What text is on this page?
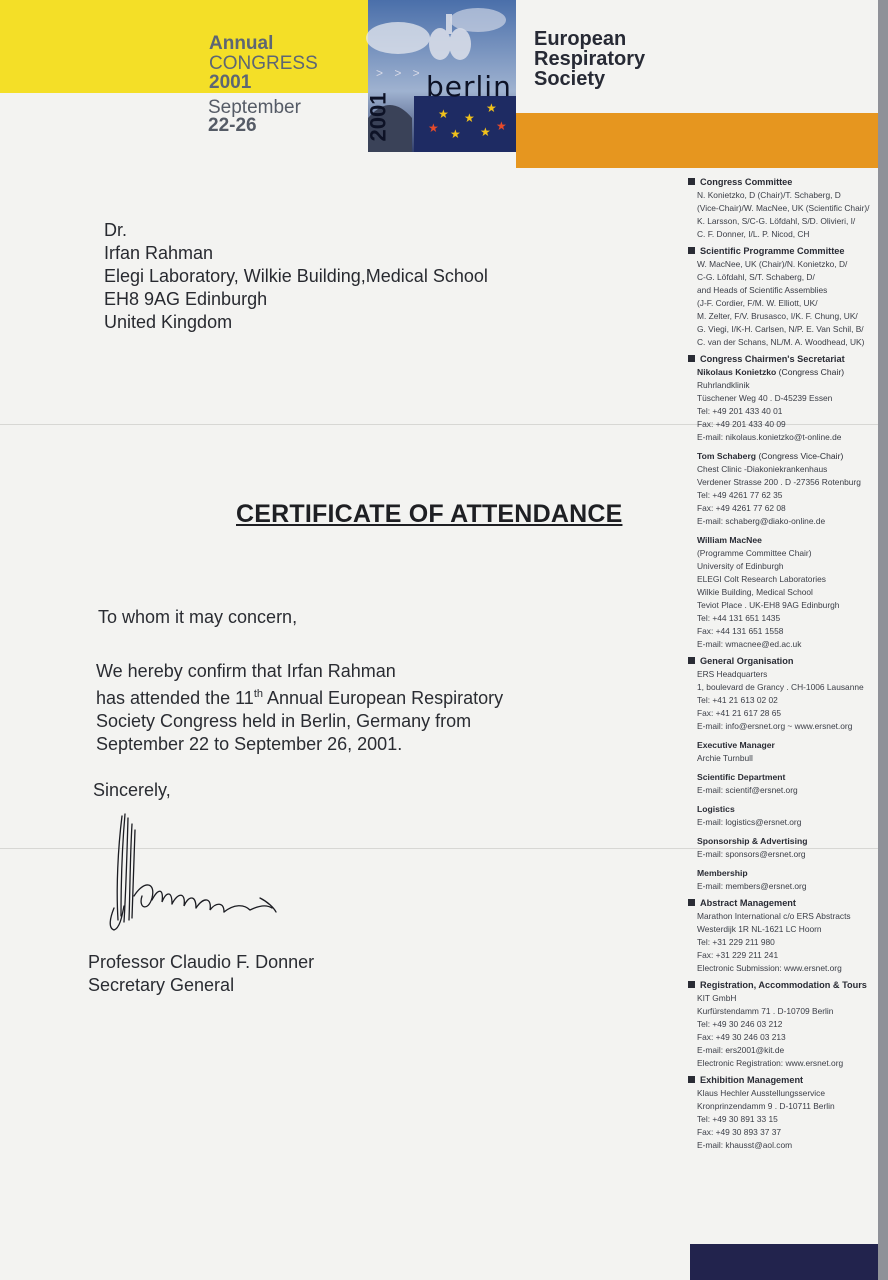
Annual
CONGRESS
2001
September
22-26
★ ★
★
★ ★
★	★
> > > berlin
2001
European
Respiratory
Society
Dr.
Irfan Rahman
Elegi Laboratory, Wilkie Building,Medical School
EH8 9AG Edinburgh
United Kingdom
CERTIFICATE OF ATTENDANCE
To whom it may concern,
We hereby confirm that Irfan Rahman
has attended the 11th Annual European Respiratory
Society Congress held in Berlin, Germany from
September 22 to September 26, 2001.
Sincerely,
Professor Claudio F. Donner
Secretary General
Congress Committee
N. Konietzko, D (Chair)/T. Schaberg, D
(Vice-Chair)/W. MacNee, UK (Scientific Chair)/
K. Larsson, S/C-G. Löfdahl, S/D. Olivieri, I/
C. F. Donner, I/L. P. Nicod, CH
Scientific Programme Committee
W. MacNee, UK (Chair)/N. Konietzko, D/
C-G. Löfdahl, S/T. Schaberg, D/
and Heads of Scientific Assemblies
(J-F. Cordier, F/M. W. Elliott, UK/
M. Zelter, F/V. Brusasco, I/K. F. Chung, UK/
G. Viegi, I/K-H. Carlsen, N/P. E. Van Schil, B/
C. van der Schans, NL/M. A. Woodhead, UK)
Congress Chairmen's Secretariat
Nikolaus Konietzko (Congress Chair)
Ruhrlandklinik
Tüschener Weg 40 . D-45239 Essen
Tel: +49 201 433 40 01
Fax: +49 201 433 40 09
E-mail: nikolaus.konietzko@t-online.de
Tom Schaberg (Congress Vice-Chair)
Chest Clinic -Diakoniekrankenhaus
Verdener Strasse 200 . D -27356 Rotenburg
Tel: +49 4261 77 62 35
Fax: +49 4261 77 62 08
E-mail: schaberg@diako-online.de
William MacNee
(Programme Committee Chair)
University of Edinburgh
ELEGI Colt Research Laboratories
Wilkie Building, Medical School
Teviot Place . UK-EH8 9AG Edinburgh
Tel: +44 131 651 1435
Fax: +44 131 651 1558
E-mail: wmacnee@ed.ac.uk
General Organisation
ERS Headquarters
1, boulevard de Grancy . CH-1006 Lausanne
Tel: +41 21 613 02 02
Fax: +41 21 617 28 65
E-mail: info@ersnet.org ~ www.ersnet.org
Executive Manager
Archie Turnbull
Scientific Department
E-mail: scientif@ersnet.org
Logistics
E-mail: logistics@ersnet.org
Sponsorship & Advertising
E-mail: sponsors@ersnet.org
Membership
E-mail: members@ersnet.org
Abstract Management
Marathon International c/o ERS Abstracts
Westerdijk 1R NL-1621 LC Hoorn
Tel: +31 229 211 980
Fax: +31 229 211 241
Electronic Submission: www.ersnet.org
Registration, Accommodation & Tours
KIT GmbH
Kurfürstendamm 71 . D-10709 Berlin
Tel: +49 30 246 03 212
Fax: +49 30 246 03 213
E-mail: ers2001@kit.de
Electronic Registration: www.ersnet.org
Exhibition Management
Klaus Hechler Ausstellungsservice
Kronprinzendamm 9 . D-10711 Berlin
Tel: +49 30 891 33 15
Fax: +49 30 893 37 37
E-mail: khausst@aol.com
